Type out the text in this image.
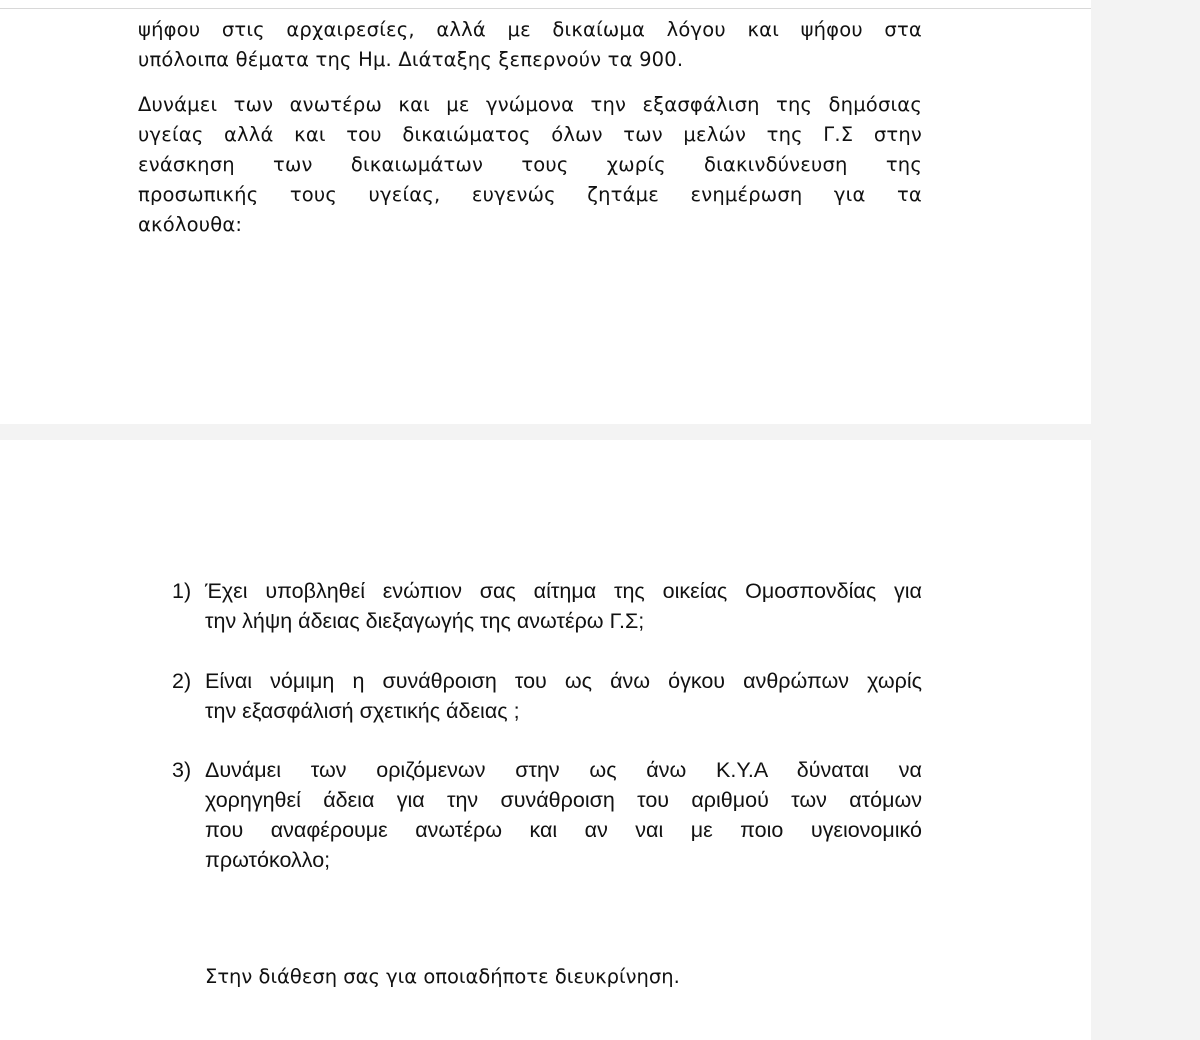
ψήφου στις αρχαιρεσίες, αλλά με δικαίωμα λόγου και ψήφου στα
υπόλοιπα θέματα της Ημ. Διάταξης ξεπερνούν τα 900.
Δυνάμει των ανωτέρω και με γνώμονα την εξασφάλιση της δημόσιας
υγείας αλλά και του δικαιώματος όλων των μελών της Γ.Σ στην
ενάσκηση των δικαιωμάτων τους χωρίς διακινδύνευση της
προσωπικής τους υγείας, ευγενώς ζητάμε ενημέρωση για τα
ακόλουθα:
1) Έχει υποβληθεί ενώπιον σας αίτημα της οικείας Ομοσπονδίας για
την λήψη άδειας διεξαγωγής της ανωτέρω Γ.Σ;
2) Είναι νόμιμη η συνάθροιση του ως άνω όγκου ανθρώπων χωρίς
την εξασφάλισή σχετικής άδειας ;
3) Δυνάμει των οριζόμενων στην ως άνω Κ.Υ.Α δύναται να
χορηγηθεί άδεια για την συνάθροιση του αριθμού των ατόμων
που αναφέρουμε ανωτέρω και αν ναι με ποιο υγειονομικό
πρωτόκολλο;
Στην διάθεση σας για οποιαδήποτε διευκρίνηση.
